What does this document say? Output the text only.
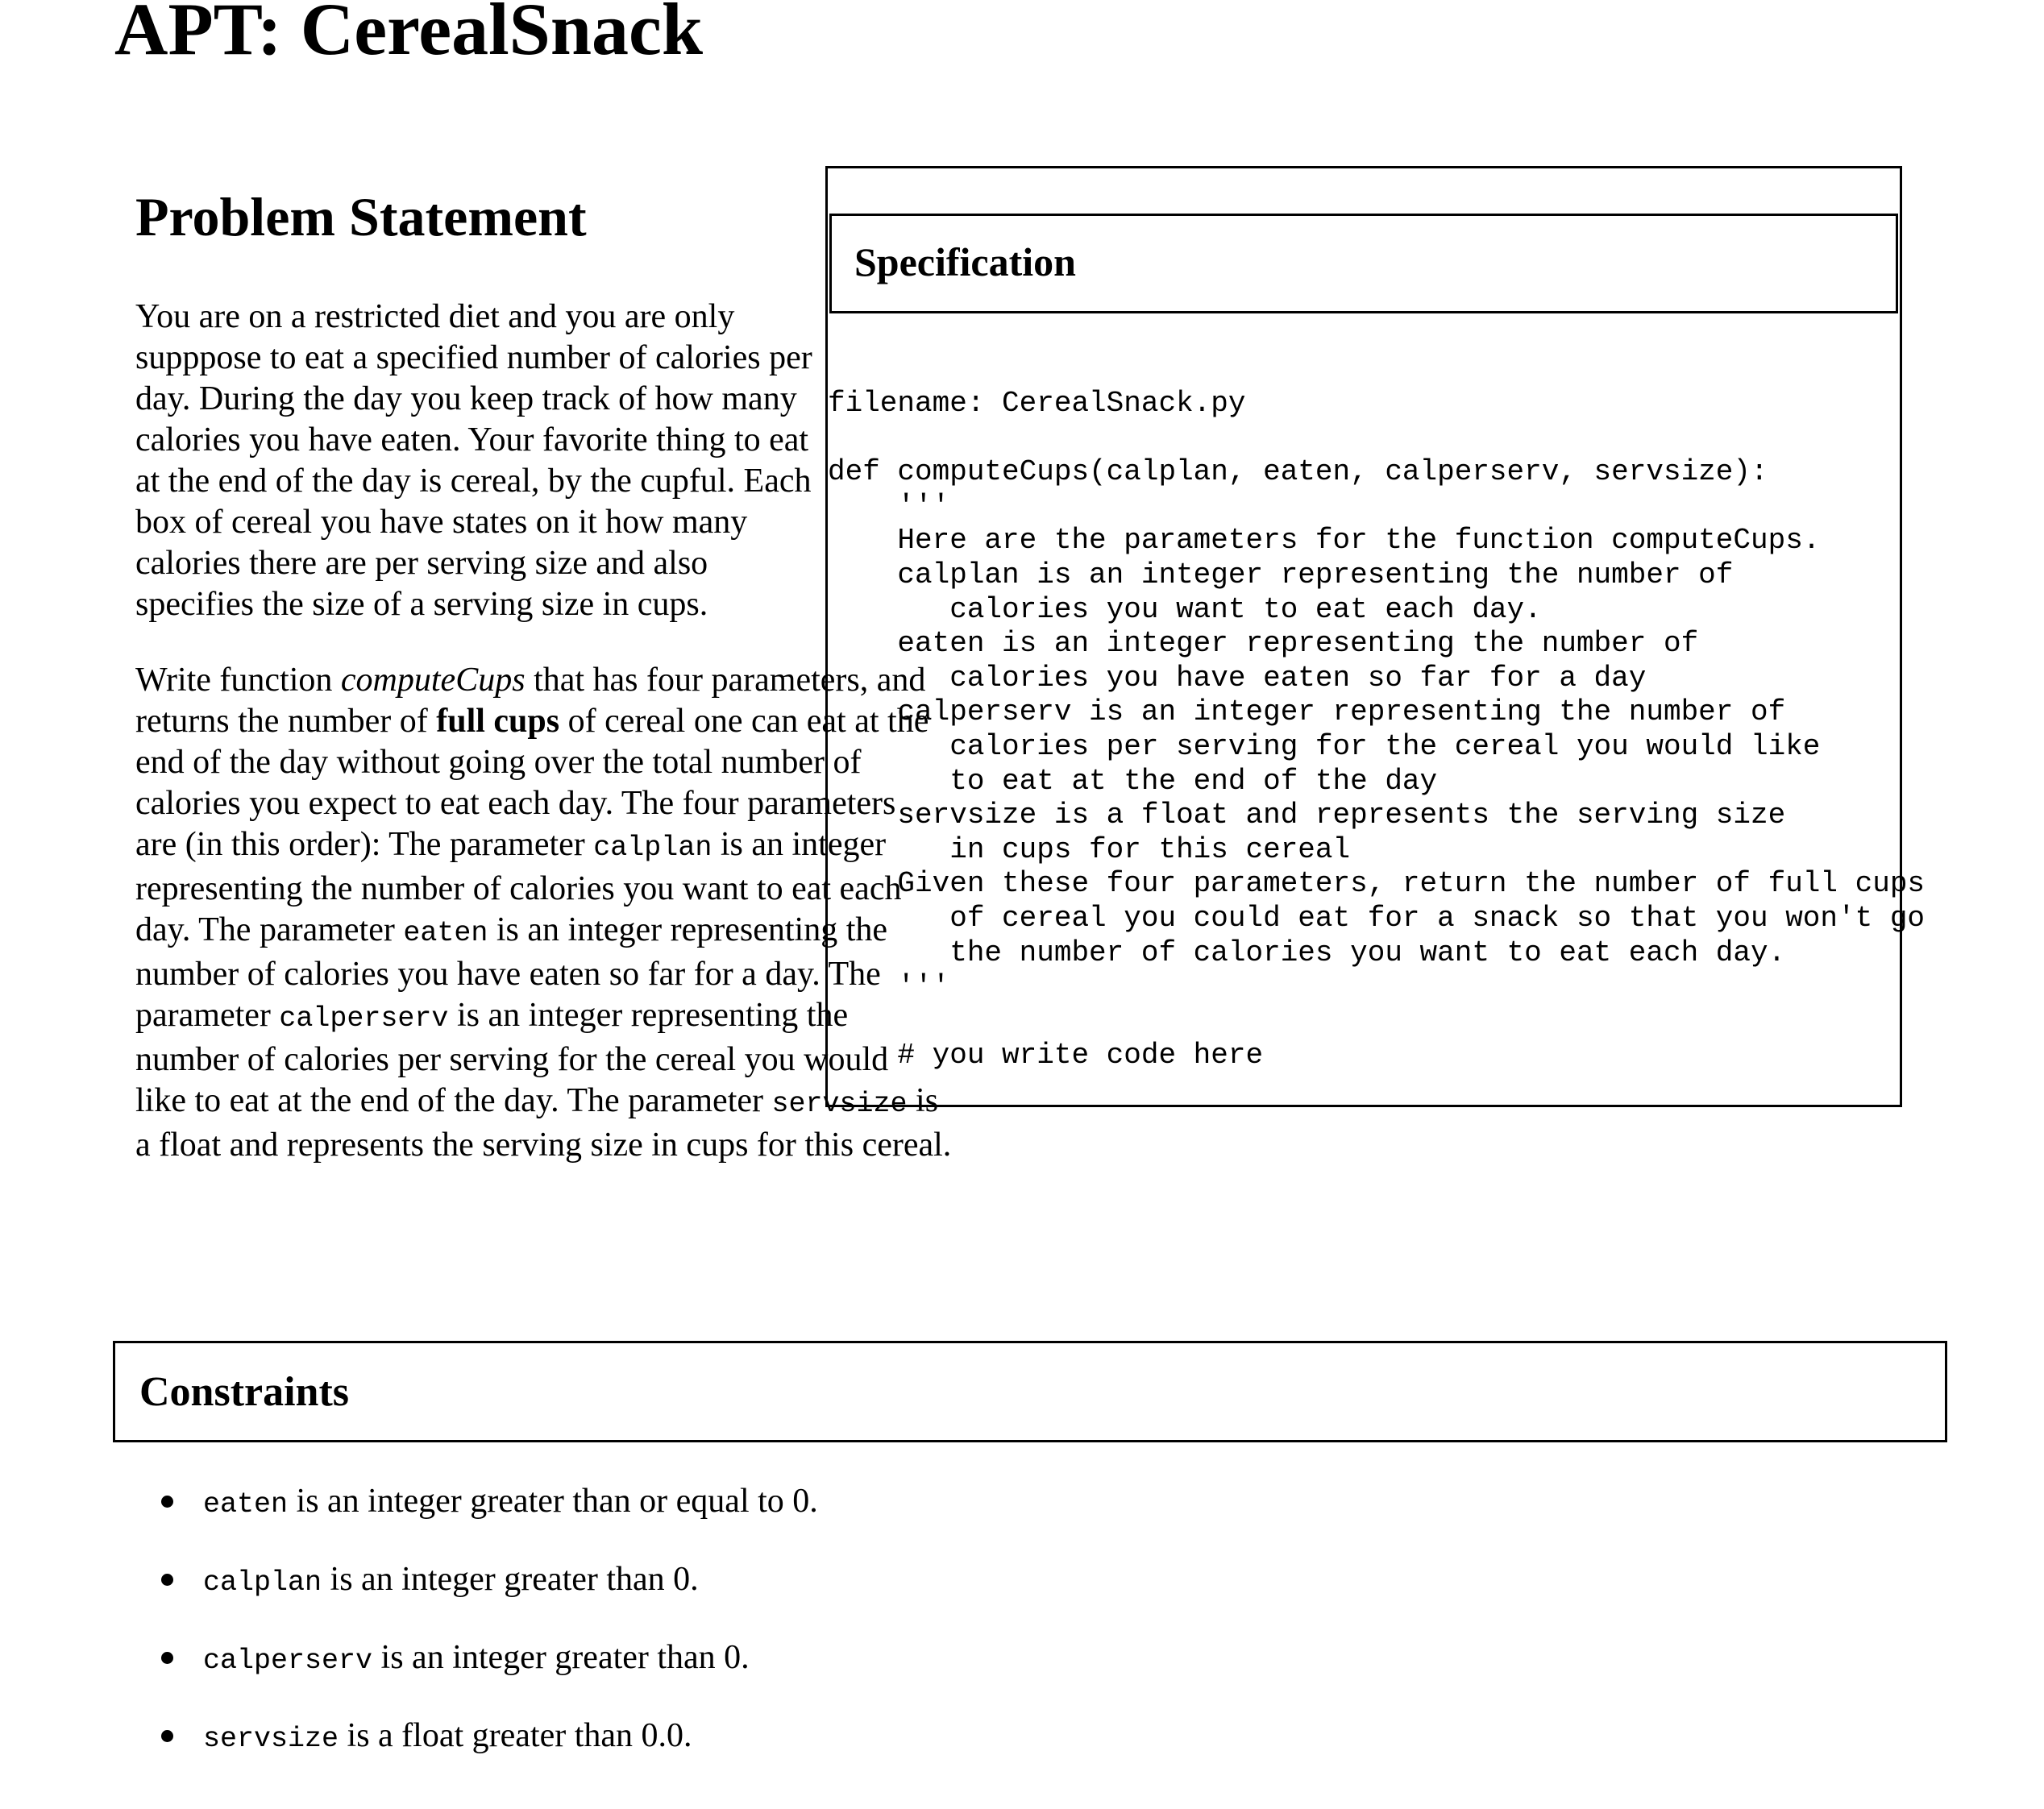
APT: CerealSnack
Problem Statement
Specification
filename: CerealSnack.py

def computeCups(calplan, eaten, calperserv, servsize):
'''
Here are the parameters for the function computeCups.
calplan is an integer representing the number of
calories you want to eat each day.
eaten is an integer representing the number of
calories you have eaten so far for a day
calperserv is an integer representing the number of
calories per serving for the cereal you would like
to eat at the end of the day
servsize is a float and represents the serving size
in cups for this cereal
Given these four parameters, return the number of full cups
of cereal you could eat for a snack so that you won't go
the number of calories you want to eat each day.
'''

# you write code here

You are on a restricted diet and you are only supppose to eat a specified number of calories per day. During the day you keep track of how many calories you have eaten. Your favorite thing to eat at the end of the day is cereal, by the cupful. Each box of cereal you have states on it how many calories there are per serving size and also specifies the size of a serving size in cups.

Write function computeCups that has four parameters, and returns the number of full cups of cereal one can eat at the end of the day without going over the total number of calories you expect to eat each day. The four parameters are (in this order): The parameter calplan is an integer representing the number of calories you want to eat each day. The parameter eaten is an integer representing the number of calories you have eaten so far for a day. The parameter calperserv is an integer representing the number of calories per serving for the cereal you would like to eat at the end of the day. The parameter servsize is a float and represents the serving size in cups for this cereal.

Constraints
eaten is an integer greater than or equal to 0.
calplan is an integer greater than 0.
calperserv is an integer greater than 0.
servsize is a float greater than 0.0.
